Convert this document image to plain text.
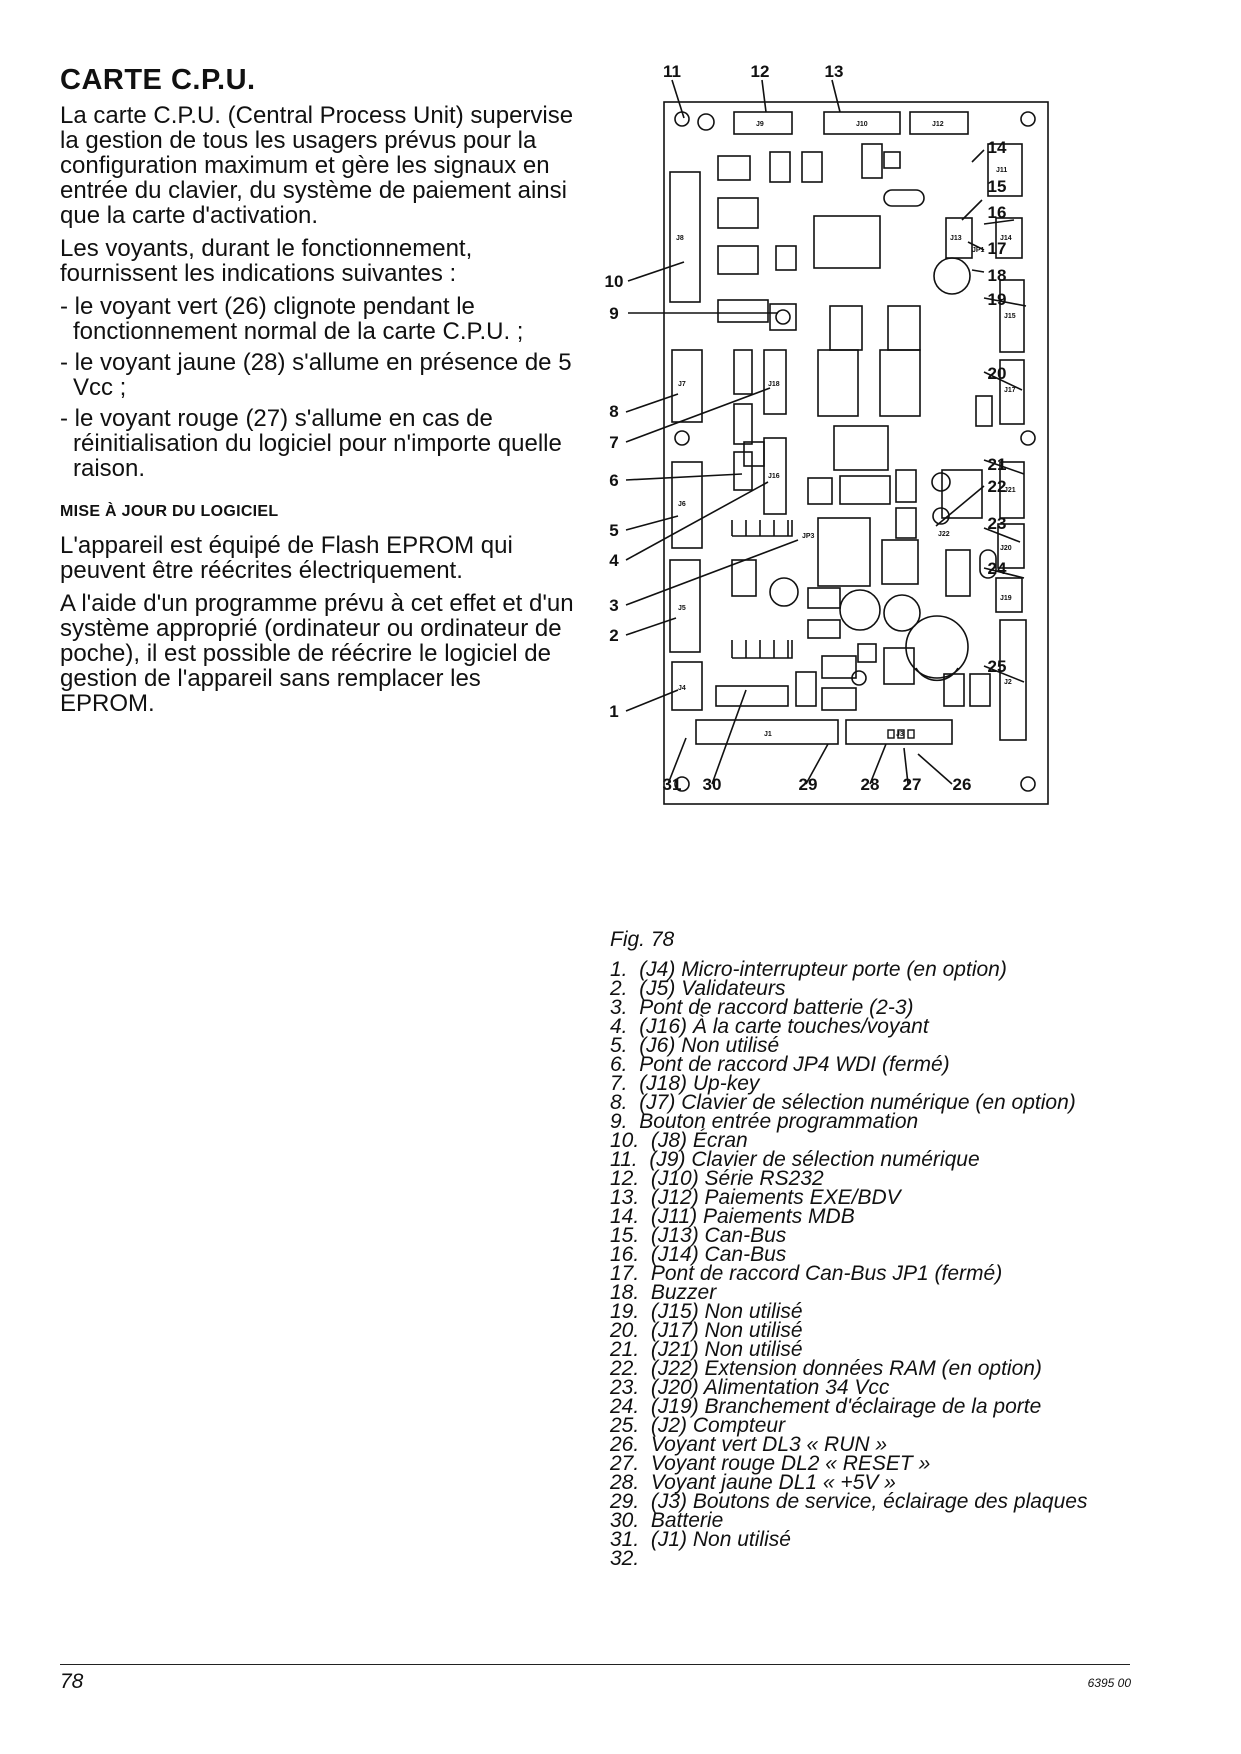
CARTE C.P.U.

La carte C.P.U. (Central Process Unit) supervise la gestion de tous les usagers prévus pour la configuration maximum et gère les signaux en entrée du clavier, du système de paiement ainsi que la carte d'activation.

Les voyants, durant le fonctionnement, fournissent les indications suivantes :

- le voyant vert (26) clignote pendant le fonctionnement normal de la carte C.P.U. ;

- le voyant jaune (28) s'allume en présence de 5 Vcc ;

- le voyant rouge (27) s'allume en cas de réinitialisation du logiciel pour n'importe quelle raison.

MISE À JOUR DU LOGICIEL

L'appareil est équipé de Flash EPROM qui peuvent être réécrites électriquement.

A l'aide d'un programme prévu à cet effet et d'un système approprié (ordinateur ou ordinateur de poche), il est possible de réécrire le logiciel de gestion de l'appareil sans remplacer les EPROM.

J9	J10	J12
J11
J13	J14
JP1
J8
J15
J7	J18
J17
J6
J16
J21
J22
J20
JP3
J19
J5
J2
J4
J1	J3
10
9
8
7
6
5
4
3
2
1
11	12	13
14
15
16
17
18
19
20
21
22
23
24
25
26
27
28
29
30
31
Fig. 78
1. (J4) Micro-interrupteur porte (en option)
2. (J5) Validateurs
3. Pont de raccord batterie (2-3)
4. (J16) À la carte touches/voyant
5. (J6) Non utilisé
6. Pont de raccord JP4 WDI (fermé)
7. (J18) Up-key
8. (J7) Clavier de sélection numérique (en option)
9. Bouton entrée programmation
10. (J8) Écran
11. (J9) Clavier de sélection numérique
12. (J10) Série RS232
13. (J12) Paiements EXE/BDV
14. (J11) Paiements MDB
15. (J13) Can-Bus
16. (J14) Can-Bus
17. Pont de raccord Can-Bus JP1 (fermé)
18. Buzzer
19. (J15) Non utilisé
20. (J17) Non utilisé
21. (J21) Non utilisé
22. (J22) Extension données RAM (en option)
23. (J20) Alimentation 34 Vcc
24. (J19) Branchement d'éclairage de la porte
25. (J2) Compteur
26. Voyant vert DL3 « RUN »
27. Voyant rouge DL2 « RESET »
28. Voyant jaune DL1 « +5V »
29. (J3) Boutons de service, éclairage des plaques
30. Batterie
31. (J1) Non utilisé
32.
78	6395 00
